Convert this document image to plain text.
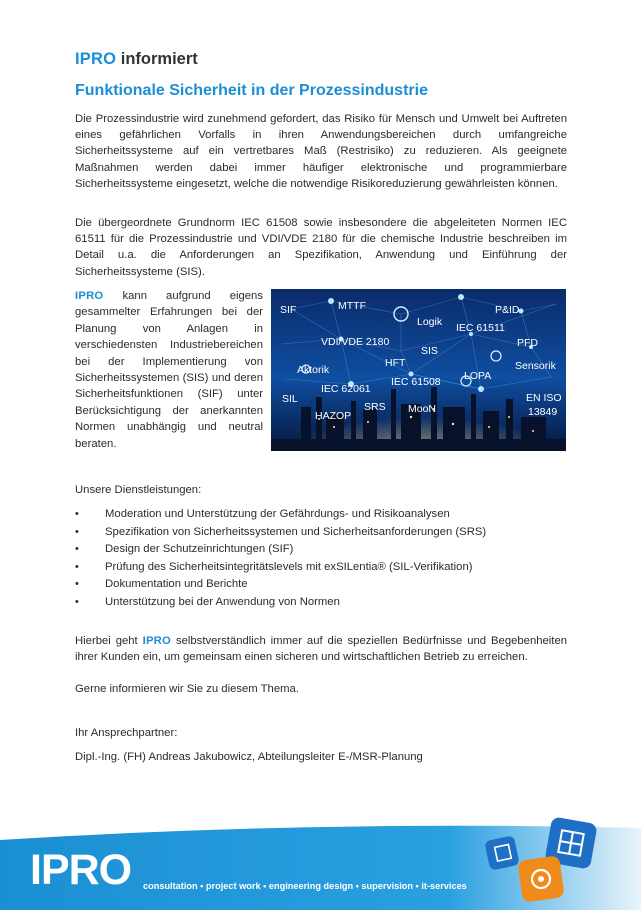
IPRO informiert
Funktionale Sicherheit in der Prozessindustrie
Die Prozessindustrie wird zunehmend gefordert, das Risiko für Mensch und Umwelt bei Auftreten eines gefährlichen Vorfalls in ihren Anwendungsbereichen durch umfangreiche Sicherheitssysteme auf ein vertretbares Maß (Restrisiko) zu reduzieren. Als geeignete Maßnahmen werden dabei immer häufiger elektronische und programmierbare Sicherheitssysteme eingesetzt, welche die notwendige Risikoreduzierung gewährleisten können.
Die übergeordnete Grundnorm IEC 61508 sowie insbesondere die abgeleiteten Normen IEC 61511 für die Prozessindustrie und VDI/VDE 2180 für die chemische Industrie beschreiben im Detail u.a. die Anforderungen an Spezifikation, Anwendung und Einführung der Sicherheitssysteme (SIS).
IPRO kann aufgrund eigens gesammelter Erfahrungen bei der Planung von Anlagen in verschiedensten Industriebereichen bei der Implementierung von Sicherheitssystemen (SIS) und deren Sicherheitsfunktionen (SIF) unter Berücksichtigung der anerkannten Normen unabhängig und neutral beraten.
SIF	MTTF
Logik
P&ID
IEC 61511
VDI/VDE 2180
SIS
PFD
Aktorik
HFT	Sensorik
IEC 62061
IEC 61508 LOPA
SIL
SRS
EN ISO
13849
HAZOP
MooN
Unsere Dienstleistungen:
• Moderation und Unterstützung der Gefährdungs- und Risikoanalysen
• Spezifikation von Sicherheitssystemen und Sicherheitsanforderungen (SRS)
• Design der Schutzeinrichtungen (SIF)
• Prüfung des Sicherheitsintegritätslevels mit exSILentia® (SIL-Verifikation)
• Dokumentation und Berichte
• Unterstützung bei der Anwendung von Normen
Hierbei geht IPRO selbstverständlich immer auf die speziellen Bedürfnisse und Begebenheiten ihrer Kunden ein, um gemeinsam einen sicheren und wirtschaftlichen Betrieb zu erreichen.
Gerne informieren wir Sie zu diesem Thema.
Ihr Ansprechpartner:
Dipl.-Ing. (FH) Andreas Jakubowicz, Abteilungsleiter E-/MSR-Planung
IPRO consultation • project work • engineering design • supervision • it-services
